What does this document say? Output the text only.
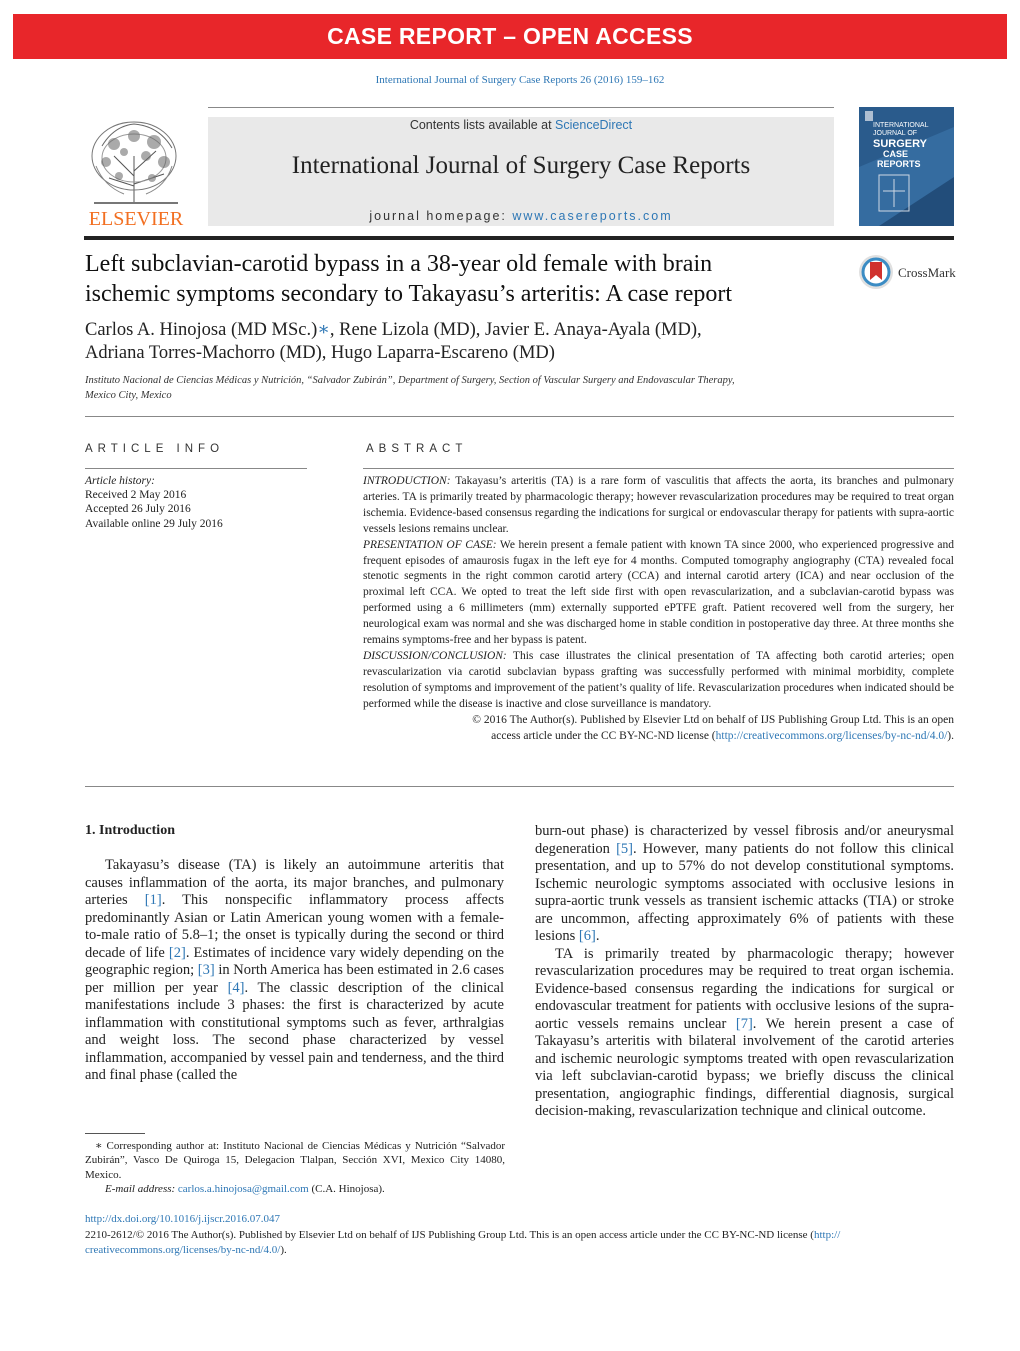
CASE REPORT – OPEN ACCESS
International Journal of Surgery Case Reports 26 (2016) 159–162
ELSEVIER
Contents lists available at ScienceDirect
International Journal of Surgery Case Reports
journal homepage: www.casereports.com
INTERNATIONAL
JOURNAL OF
SURGERY
CASE
REPORTS
Left subclavian-carotid bypass in a 38-year old female with brain
ischemic symptoms secondary to Takayasu’s arteritis: A case report
CrossMark
Carlos A. Hinojosa (MD MSc.)∗, Rene Lizola (MD), Javier E. Anaya-Ayala (MD),
Adriana Torres-Machorro (MD), Hugo Laparra-Escareno (MD)
Instituto Nacional de Ciencias Médicas y Nutrición, “Salvador Zubirán”, Department of Surgery, Section of Vascular Surgery and Endovascular Therapy,
Mexico City, Mexico
ARTICLE INFO
Article history:
Received 2 May 2016
Accepted 26 July 2016
Available online 29 July 2016
ABSTRACT

INTRODUCTION: Takayasu’s arteritis (TA) is a rare form of vasculitis that affects the aorta, its branches and pulmonary arteries. TA is primarily treated by pharmacologic therapy; however revascularization procedures may be required to treat organ ischemia. Evidence-based consensus regarding the indications for surgical or endovascular therapy for patients with supra-aortic vessels lesions remains unclear.

PRESENTATION OF CASE: We herein present a female patient with known TA since 2000, who experienced progressive and frequent episodes of amaurosis fugax in the left eye for 4 months. Computed tomography angiography (CTA) revealed focal stenotic segments in the right common carotid artery (CCA) and internal carotid artery (ICA) and near occlusion of the proximal left CCA. We opted to treat the left side first with open revascularization, and a subclavian-carotid bypass was performed using a 6 millimeters (mm) externally supported ePTFE graft. Patient recovered well from the surgery, her neurological exam was normal and she was discharged home in stable condition in postoperative day three. At three months she remains symptoms-free and her bypass is patent.

DISCUSSION/CONCLUSION: This case illustrates the clinical presentation of TA affecting both carotid arteries; open revascularization via carotid subclavian bypass grafting was successfully performed with minimal morbidity, complete resolution of symptoms and improvement of the patient’s quality of life. Revascularization procedures when indicated should be performed while the disease is inactive and close surveillance is mandatory.

© 2016 The Author(s). Published by Elsevier Ltd on behalf of IJS Publishing Group Ltd. This is an open
access article under the CC BY-NC-ND license (http://creativecommons.org/licenses/by-nc-nd/4.0/).

1. Introduction

Takayasu’s disease (TA) is likely an autoimmune arteritis that causes inflammation of the aorta, its major branches, and pulmonary arteries [1]. This nonspecific inflammatory process affects predominantly Asian or Latin American young women with a female-to-male ratio of 5.8–1; the onset is typically during the second or third decade of life [2]. Estimates of incidence vary widely depending on the geographic region; [3] in North America has been estimated in 2.6 cases per million per year [4]. The classic description of the clinical manifestations include 3 phases: the first is characterized by acute inflammation with constitutional symptoms such as fever, arthralgias and weight loss. The second phase characterized by vessel inflammation, accompanied by vessel pain and tenderness, and the third and final phase (called the

burn-out phase) is characterized by vessel fibrosis and/or aneurysmal degeneration [5]. However, many patients do not follow this clinical presentation, and up to 57% do not develop constitutional symptoms. Ischemic neurologic symptoms associated with occlusive lesions in supra-aortic trunk vessels as transient ischemic attacks (TIA) or stroke are uncommon, affecting approximately 6% of patients with these lesions [6].

TA is primarily treated by pharmacologic therapy; however revascularization procedures may be required to treat organ ischemia. Evidence-based consensus regarding the indications for surgical or endovascular treatment for patients with occlusive lesions of the supra-aortic vessels remains unclear [7]. We herein present a case of Takayasu’s arteritis with bilateral involvement of the carotid arteries and ischemic neurologic symptoms treated with open revascularization via left subclavian-carotid bypass; we briefly discuss the clinical presentation, angiographic findings, differential diagnosis, surgical decision-making, revascularization technique and clinical outcome.

∗ Corresponding author at: Instituto Nacional de Ciencias Médicas y Nutrición “Salvador Zubirán”, Vasco De Quiroga 15, Delegacion Tlalpan, Sección XVI, Mexico City 14080, Mexico.

E-mail address: carlos.a.hinojosa@gmail.com (C.A. Hinojosa).

http://dx.doi.org/10.1016/j.ijscr.2016.07.047

2210-2612/© 2016 The Author(s). Published by Elsevier Ltd on behalf of IJS Publishing Group Ltd. This is an open access article under the CC BY-NC-ND license (http://
creativecommons.org/licenses/by-nc-nd/4.0/).
